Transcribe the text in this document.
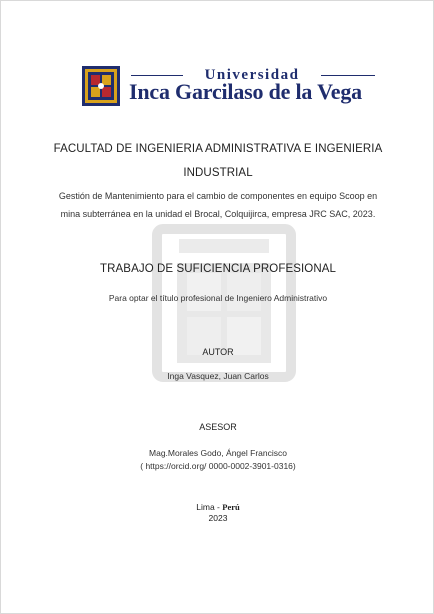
Universidad
Inca Garcilaso de la Vega
FACULTAD DE INGENIERIA ADMINISTRATIVA E INGENIERIA
INDUSTRIAL
Gestión de Mantenimiento para el cambio de componentes en equipo Scoop en
mina subterránea en la unidad el Brocal, Colquijirca, empresa JRC SAC, 2023.
TRABAJO DE SUFICIENCIA PROFESIONAL
Para optar el título profesional de Ingeniero Administrativo
AUTOR
Inga Vasquez, Juan Carlos
ASESOR
Mag.Morales Godo, Ángel Francisco
( https://orcid.org/ 0000-0002-3901-0316)
Lima - Perú
2023
